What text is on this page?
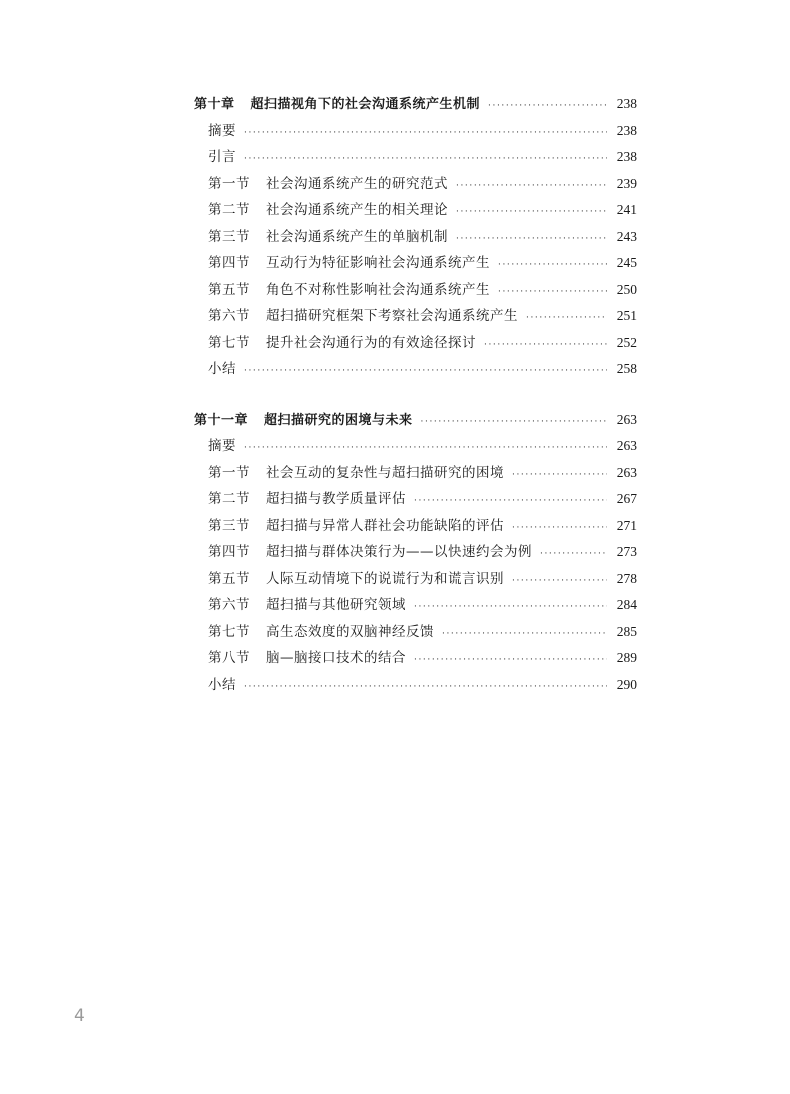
第十章 超扫描视角下的社会沟通系统产生机制 ·····	238
摘要 ·····	238
引言 ·····	238
第一节 社会沟通系统产生的研究范式 ·····	239
第二节 社会沟通系统产生的相关理论 ·····	241
第三节 社会沟通系统产生的单脑机制 ·····	243
第四节 互动行为特征影响社会沟通系统产生 ·····	245
第五节 角色不对称性影响社会沟通系统产生 ·····	250
第六节 超扫描研究框架下考察社会沟通系统产生 ·····	251
第七节 提升社会沟通行为的有效途径探讨 ·····	252
小结 ·····	258
第十一章 超扫描研究的困境与未来 ·····	263
摘要 ·····	263
第一节 社会互动的复杂性与超扫描研究的困境 ·····	263
第二节 超扫描与教学质量评估 ·····	267
第三节 超扫描与异常人群社会功能缺陷的评估 ·····	271
第四节 超扫描与群体决策行为——以快速约会为例 ·····	273
第五节 人际互动情境下的说谎行为和谎言识别 ·····	278
第六节 超扫描与其他研究领域 ·····	284
第七节 高生态效度的双脑神经反馈 ·····	285
第八节 脑—脑接口技术的结合 ·····	289
小结 ·····	290
4
